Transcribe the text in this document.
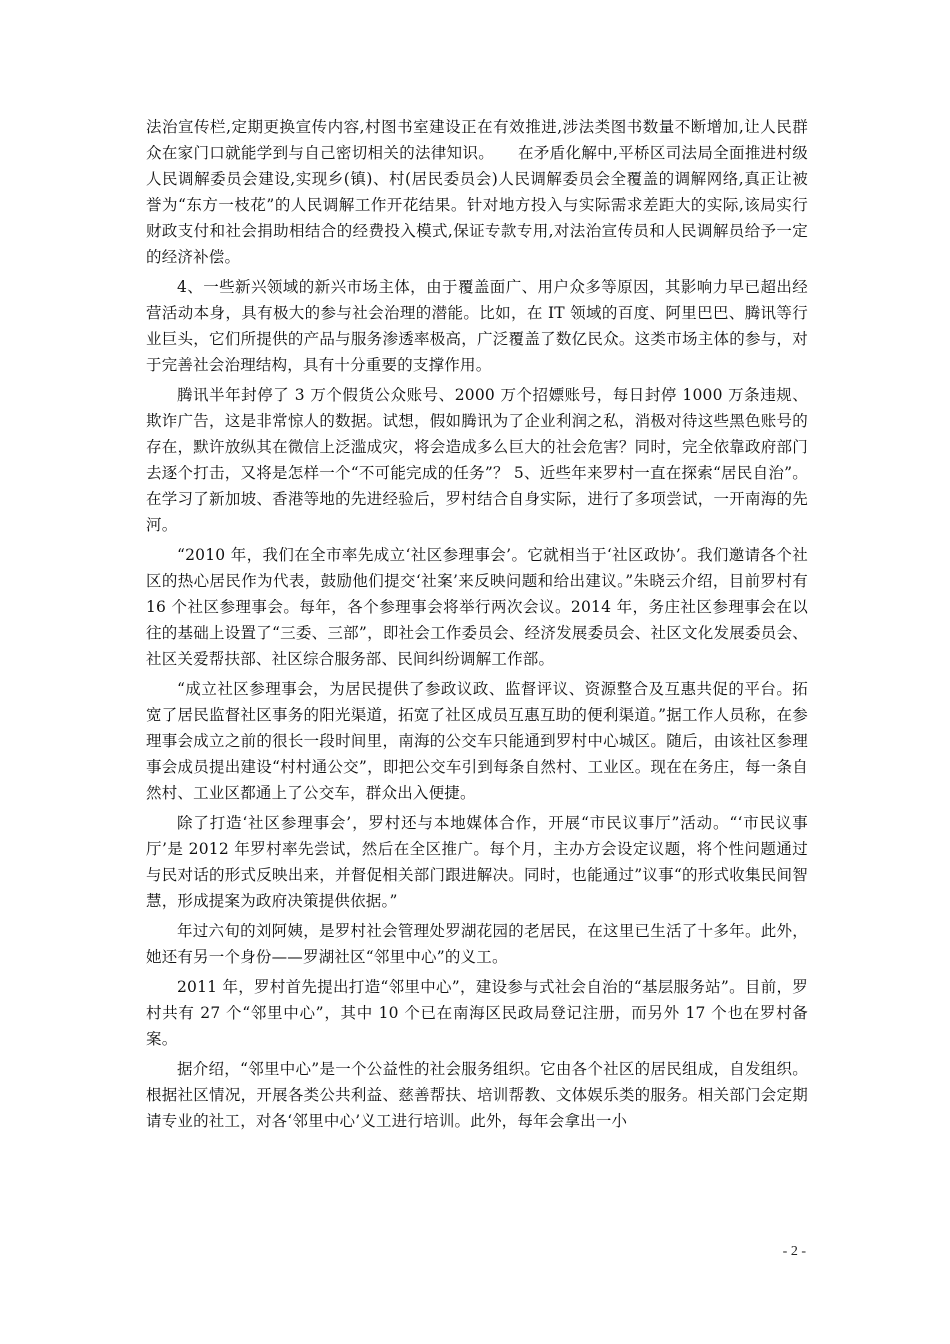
法治宣传栏,定期更换宣传内容,村图书室建设正在有效推进,涉法类图书数量不断增加,让人民群众在家门口就能学到与自己密切相关的法律知识。　　在矛盾化解中,平桥区司法局全面推进村级人民调解委员会建设,实现乡(镇)、村(居民委员会)人民调解委员会全覆盖的调解网络,真正让被誉为“东方一枝花”的人民调解工作开花结果。针对地方投入与实际需求差距大的实际,该局实行财政支付和社会捐助相结合的经费投入模式,保证专款专用,对法治宣传员和人民调解员给予一定的经济补偿。

4、一些新兴领域的新兴市场主体，由于覆盖面广、用户众多等原因，其影响力早已超出经营活动本身，具有极大的参与社会治理的潜能。比如，在 IT 领域的百度、阿里巴巴、腾讯等行业巨头，它们所提供的产品与服务渗透率极高，广泛覆盖了数亿民众。这类市场主体的参与，对于完善社会治理结构，具有十分重要的支撑作用。

腾讯半年封停了 3 万个假货公众账号、2000 万个招嫖账号，每日封停 1000 万条违规、欺诈广告，这是非常惊人的数据。试想，假如腾讯为了企业利润之私，消极对待这些黑色账号的存在，默许放纵其在微信上泛滥成灾，将会造成多么巨大的社会危害？同时，完全依靠政府部门去逐个打击，又将是怎样一个“不可能完成的任务”？ 5、近些年来罗村一直在探索“居民自治”。在学习了新加坡、香港等地的先进经验后，罗村结合自身实际，进行了多项尝试，一开南海的先河。

“2010 年，我们在全市率先成立‘社区参理事会’。它就相当于‘社区政协’。我们邀请各个社区的热心居民作为代表，鼓励他们提交‘社案’来反映问题和给出建议。”朱晓云介绍，目前罗村有 16 个社区参理事会。每年，各个参理事会将举行两次会议。2014 年，务庄社区参理事会在以往的基础上设置了“三委、三部”，即社会工作委员会、经济发展委员会、社区文化发展委员会、社区关爱帮扶部、社区综合服务部、民间纠纷调解工作部。

“成立社区参理事会，为居民提供了参政议政、监督评议、资源整合及互惠共促的平台。拓宽了居民监督社区事务的阳光渠道，拓宽了社区成员互惠互助的便利渠道。”据工作人员称，在参理事会成立之前的很长一段时间里，南海的公交车只能通到罗村中心城区。随后，由该社区参理事会成员提出建设“村村通公交”，即把公交车引到每条自然村、工业区。现在在务庄，每一条自然村、工业区都通上了公交车，群众出入便捷。

除了打造‘社区参理事会’，罗村还与本地媒体合作，开展“市民议事厅”活动。“‘市民议事厅’是 2012 年罗村率先尝试，然后在全区推广。每个月，主办方会设定议题，将个性问题通过与民对话的形式反映出来，并督促相关部门跟进解决。同时，也能通过”议事“的形式收集民间智慧，形成提案为政府决策提供依据。”

年过六旬的刘阿姨，是罗村社会管理处罗湖花园的老居民，在这里已生活了十多年。此外，她还有另一个身份——罗湖社区“邻里中心”的义工。

2011 年，罗村首先提出打造“邻里中心”，建设参与式社会自治的“基层服务站”。目前，罗村共有 27 个“邻里中心”，其中 10 个已在南海区民政局登记注册，而另外 17 个也在罗村备案。

据介绍，“邻里中心”是一个公益性的社会服务组织。它由各个社区的居民组成，自发组织。根据社区情况，开展各类公共利益、慈善帮扶、培训帮教、文体娱乐类的服务。相关部门会定期请专业的社工，对各‘邻里中心’义工进行培训。此外，每年会拿出一小

- 2 -
